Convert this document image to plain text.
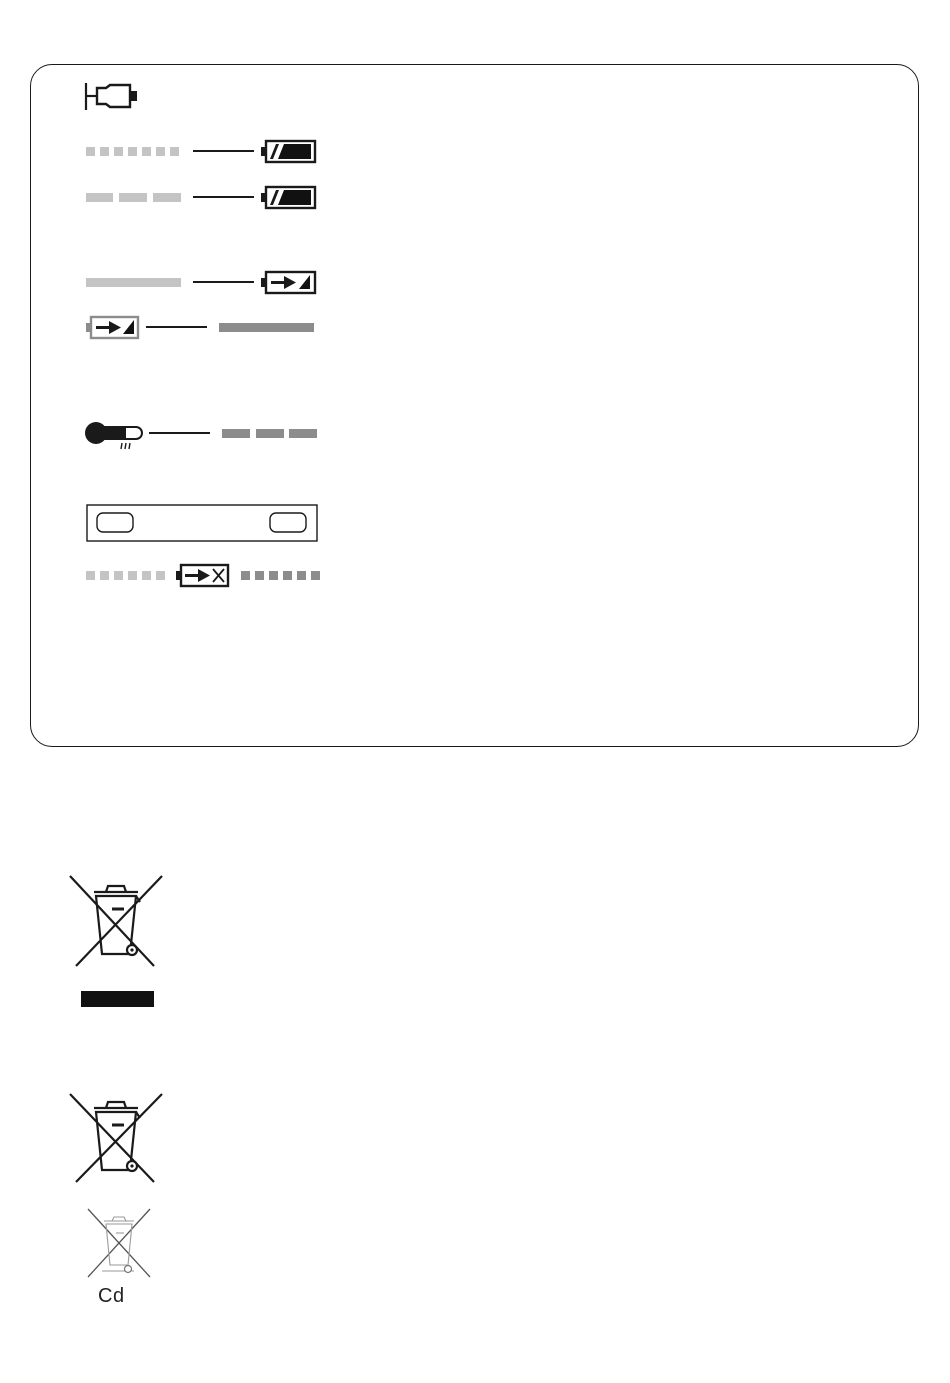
Cd
